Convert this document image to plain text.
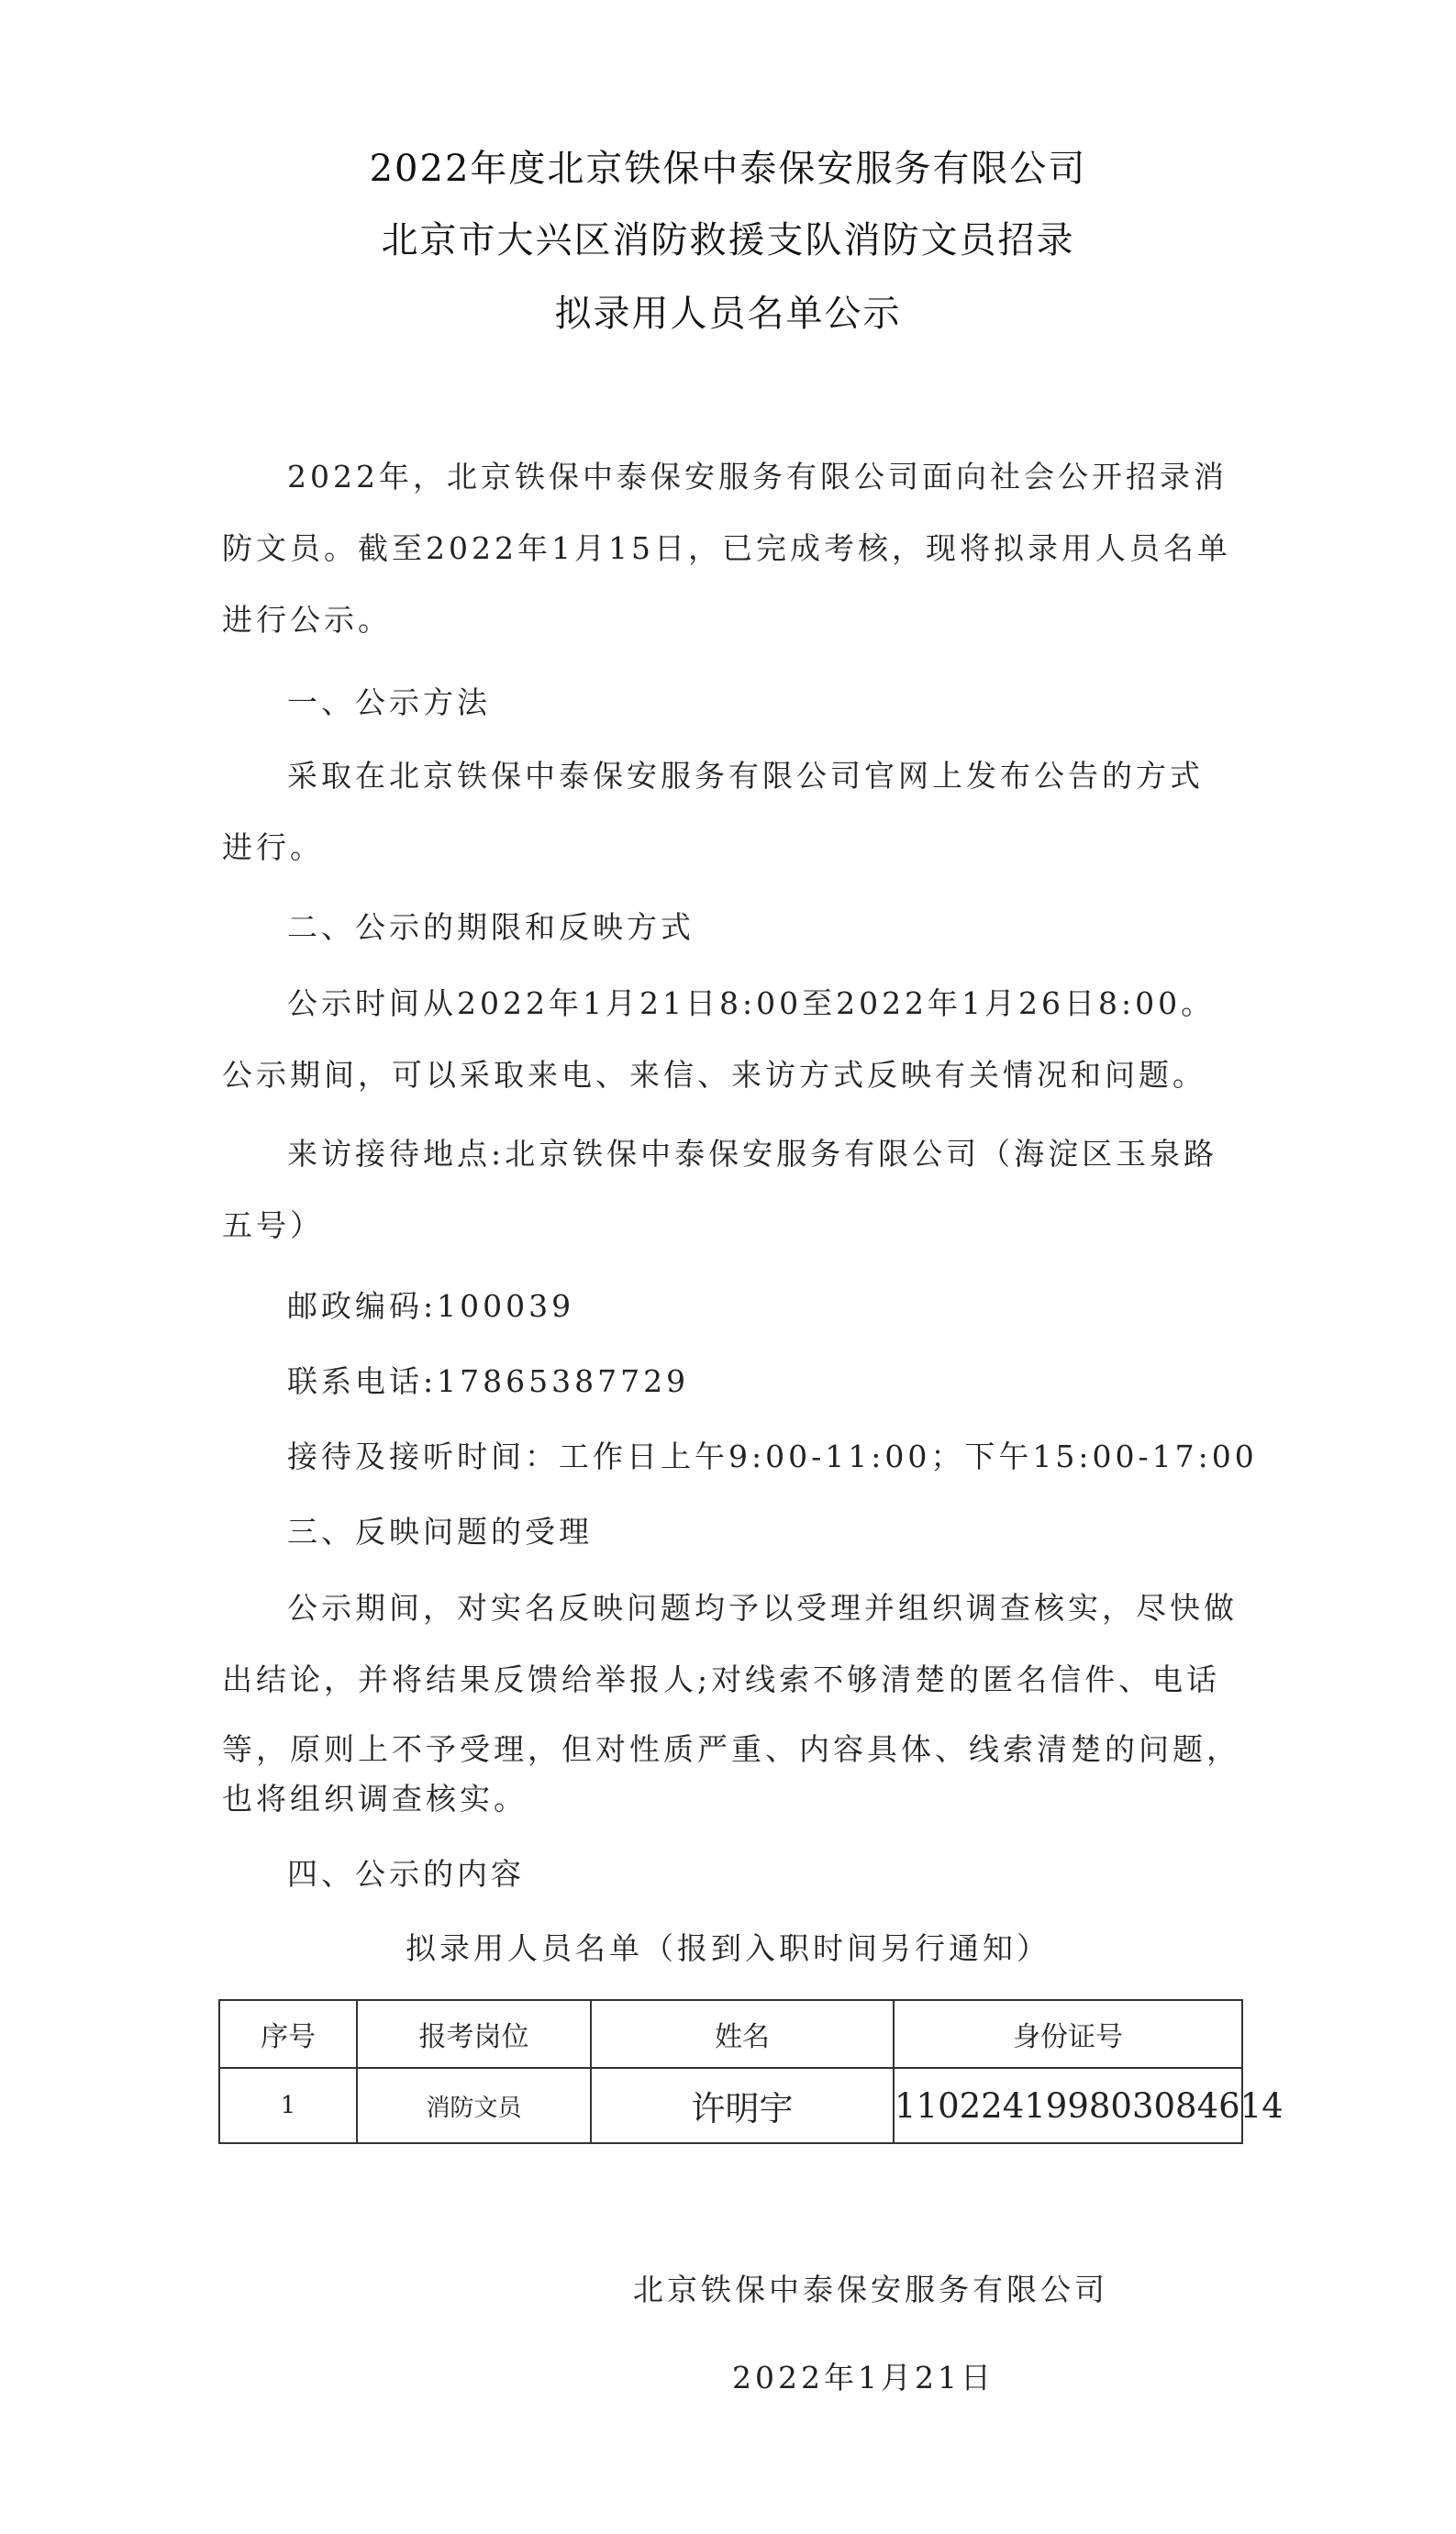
2022年度北京铁保中泰保安服务有限公司
北京市大兴区消防救援支队消防文员招录
拟录用人员名单公示
2022年，北京铁保中泰保安服务有限公司面向社会公开招录消
防文员。截至2022年1月15日，已完成考核，现将拟录用人员名单
进行公示。
一、公示方法
采取在北京铁保中泰保安服务有限公司官网上发布公告的方式
进行。
二、公示的期限和反映方式
公示时间从2022年1月21日8:00至2022年1月26日8:00。
公示期间，可以采取来电、来信、来访方式反映有关情况和问题。
来访接待地点:北京铁保中泰保安服务有限公司（海淀区玉泉路
五号）
邮政编码:100039
联系电话:17865387729
接待及接听时间：工作日上午9:00-11:00；下午15:00-17:00
三、反映问题的受理
公示期间，对实名反映问题均予以受理并组织调查核实，尽快做
出结论，并将结果反馈给举报人;对线索不够清楚的匿名信件、电话
等，原则上不予受理，但对性质严重、内容具体、线索清楚的问题，
也将组织调查核实。
四、公示的内容
拟录用人员名单（报到入职时间另行通知）
序号	报考岗位	姓名	身份证号
1	消防文员	许明宇	110224199803084614
北京铁保中泰保安服务有限公司
2022年1月21日
